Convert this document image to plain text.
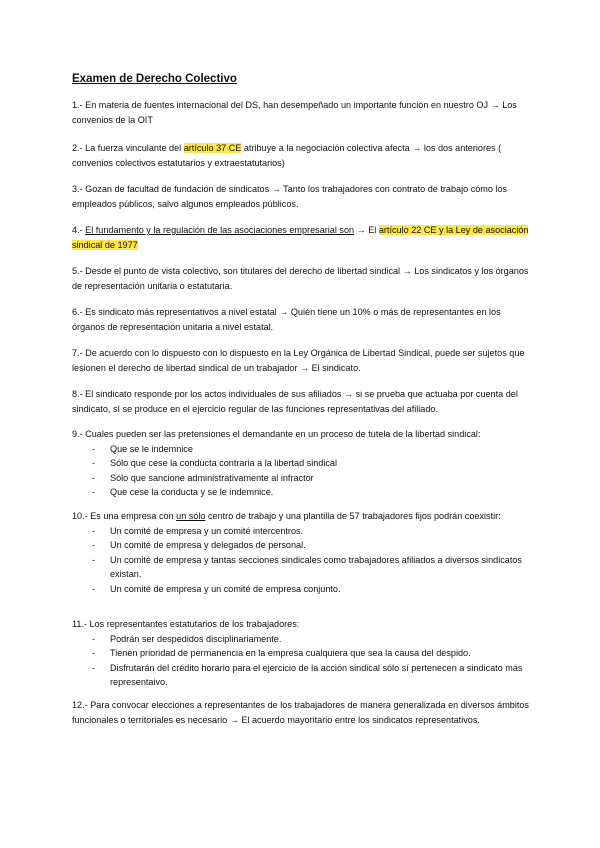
Examen de Derecho Colectivo
1.- En materia de fuentes internacional del DS, han desempeñado un importante función en nuestro OJ → Los convenios de la OIT
2.- La fuerza vinculante del artículo 37 CE atribuye a la negociación colectiva afecta → los dos anteriores ( convenios colectivos estatutarios y extraestatutarios)
3.- Gozan de facultad de fundación de sindicatos → Tanto los trabajadores con contrato de trabajo cómo los empleados públicos, salvo algunos empleados públicos.
4.- El fundamento y la regulación de las asociaciones empresarial son → El artículo 22 CE y la Ley de asociación sindical de 1977
5.- Desde el punto de vista colectivo, son titulares del derecho de libertad sindical → Los sindicatos y los órganos de representación unitaria o estatutaria.
6.- Es sindicato más representativos a nivel estatal → Quién tiene un 10% o más de representantes en los órganos de representación unitaria a nivel estatal.
7.- De acuerdo con lo dispuesto con lo dispuesto en la Ley Orgánica de Libertad Sindical, puede ser sujetos que lesionen el derecho de libertad sindical de un trabajador → El sindicato.
8.- El sindicato responde por los actos individuales de sus afiliados → si se prueba que actuaba por cuenta del sindicato, sí se produce en el ejercicio regular de las funciones representativas del afiliado.
9.- Cuales pueden ser las pretensiones el demandante en un proceso de tutela de la libertad sindical:
- Que se le indemnice
- Sólo que cese la conducta contraria a la libertad sindical
- Sólo que sancione administrativamente al infractor
- Que cese la conducta y se le indemnice.
10.- Es una empresa con un sólo centro de trabajo y una plantilla de 57 trabajadores fijos podrán coexistir:
- Un comité de empresa y un comité intercentros.
- Un comité de empresa y delegados de personal.
- Un comité de empresa y tantas secciones sindicales como trabajadores afiliados a diversos sindicatos existan.
- Un comité de empresa y un comité de empresa conjunto.
11.- Los representantes estatutarios de los trabajadores:
- Podrán ser despedidos disciplinariamente.
- Tienen prioridad de permanencia en la empresa cualquiera que sea la causa del despido.
- Disfrutarán del crédito horario para el ejercicio de la acción sindical sólo sí pertenecen a sindicato más representaivo.
12.- Para convocar elecciones a representantes de los trabajadores de manera generalizada en diversos ámbitos funcionales o territoriales es necesario → El acuerdo mayoritario entre los sindicatos representativos.
